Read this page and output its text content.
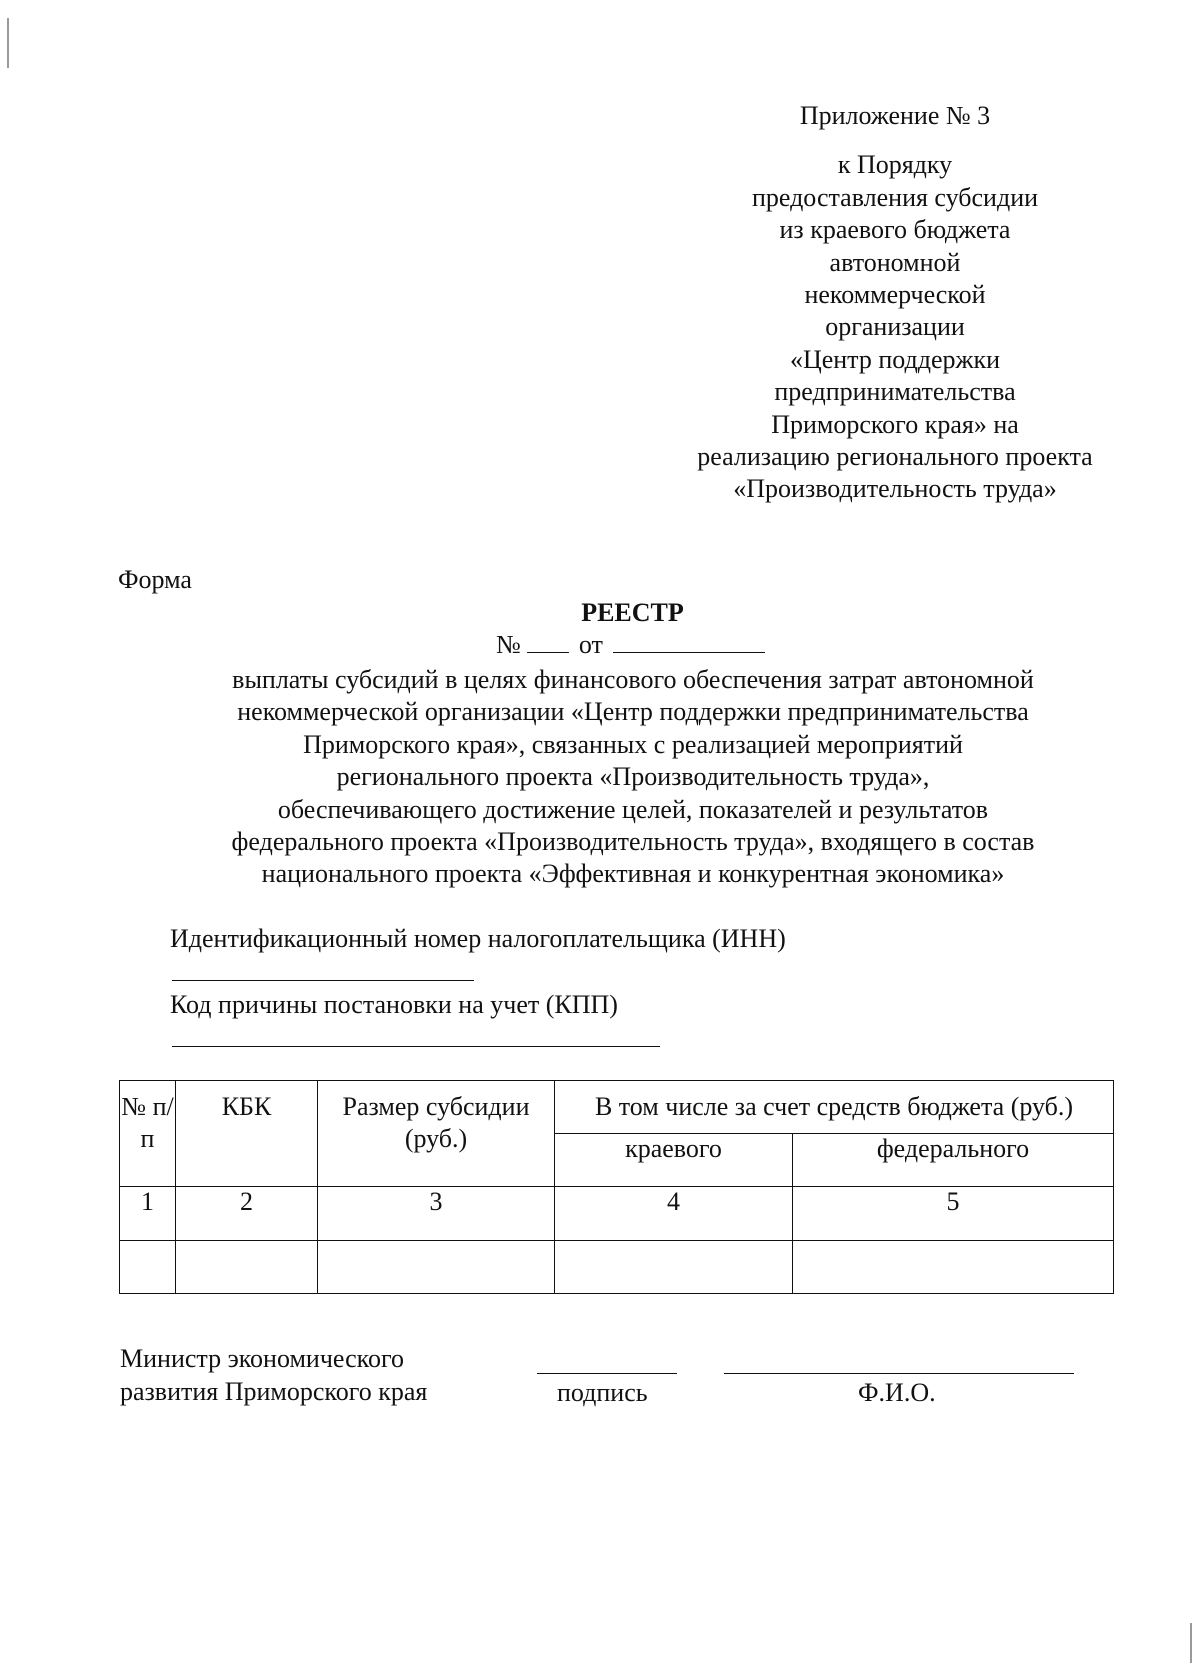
Приложение № 3
к Порядку
предоставления субсидии
из краевого бюджета
автономной
некоммерческой
организации
«Центр поддержки
предпринимательства
Приморского края» на
реализацию регионального проекта
«Производительность труда»
Форма
РЕЕСТР
№ от
выплаты субсидий в целях финансового обеспечения затрат автономной
некоммерческой организации «Центр поддержки предпринимательства
Приморского края», связанных с реализацией мероприятий
регионального проекта «Производительность труда»,
обеспечивающего достижение целей, показателей и результатов
федерального проекта «Производительность труда», входящего в состав
национального проекта «Эффективная и конкурентная экономика»
Идентификационный номер налогоплательщика (ИНН)
Код причины постановки на учет (КПП)
№ п/п	КБК	Размер субсидии (руб.)	В том числе за счет средств бюджета (руб.)	
			краевого	федерального
1	2	3	4	5

Министр экономического
развития Приморского края	подпись	Ф.И.О.
